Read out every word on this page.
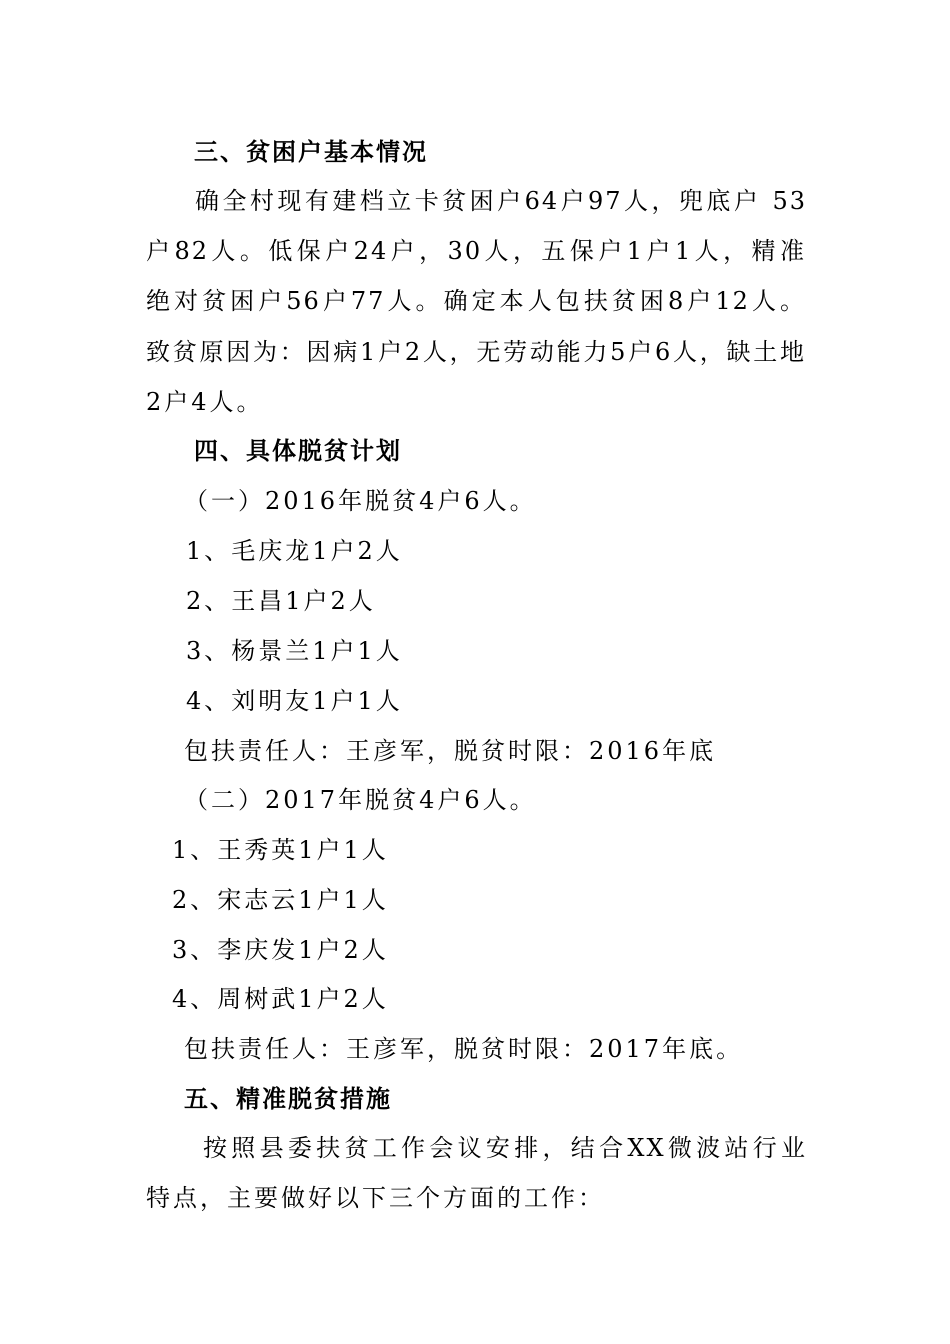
三、贫困户基本情况
确全村现有建档立卡贫困户64户97人，兜底户 53
户82人。低保户24户，30人，五保户1户1人，精准
绝对贫困户56户77人。确定本人包扶贫困8户12人。
致贫原因为：因病1户2人，无劳动能力5户6人，缺土地
2户4人。
四、具体脱贫计划
（一）2016年脱贫4户6人。
1、毛庆龙1户2人
2、王昌1户2人
3、杨景兰1户1人
4、刘明友1户1人
包扶责任人：王彦军，脱贫时限：2016年底
（二）2017年脱贫4户6人。
1、王秀英1户1人
2、宋志云1户1人
3、李庆发1户2人
4、周树武1户2人
包扶责任人：王彦军，脱贫时限：2017年底。
五、精准脱贫措施
按照县委扶贫工作会议安排，结合XX微波站行业
特点，主要做好以下三个方面的工作：
